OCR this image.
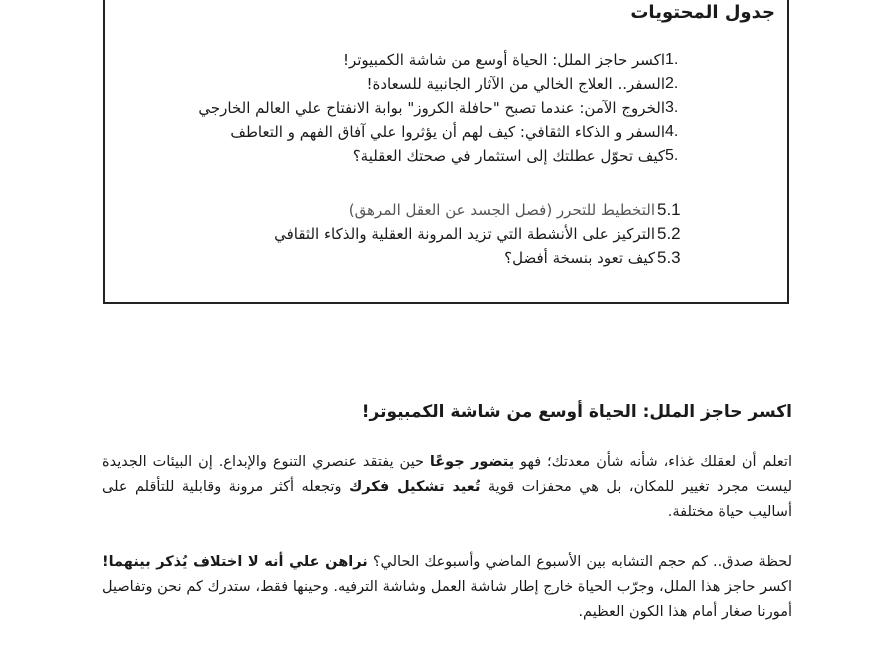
جدول المحتويات
1.
اكسر حاجز الملل: الحياة أوسع من شاشة الكمبيوتر!
2.
السفر.. العلاج الخالي من الآثار الجانبية للسعادة!
3.
الخروج الآمن: عندما تصبح "حافلة الكروز" بوابة الانفتاح علي العالم الخارجي
4.
السفر و الذكاء الثقافي: كيف لهم أن يؤثروا علي آفاق الفهم و التعاطف
5.
كيف تحوّل عطلتك إلى استثمار في صحتك العقلية؟
5.1
التخطيط للتحرر (فصل الجسد عن العقل المرهق)
5.2
التركيز على الأنشطة التي تزيد المرونة العقلية والذكاء الثقافي
5.3
كيف تعود بنسخة أفضل؟
اكسر حاجز الملل: الحياة أوسع من شاشة الكمبيوتر!

اتعلم أن لعقلك غذاء، شأنه شأن معدتك؛ فهو يتضور جوعًا حين يفتقد عنصري التنوع والإبداع. إن البيئات الجديدة ليست مجرد تغيير للمكان، بل هي محفزات قوية تُعيد تشكيل فكرك وتجعله أكثر مرونة وقابلية للتأقلم على أساليب حياة مختلفة.

لحظة صدق.. كم حجم التشابه بين الأسبوع الماضي وأسبوعك الحالي؟ نراهن علي أنه لا اختلاف يُذكر بينهما! اكسر حاجز هذا الملل، وجرّب الحياة خارج إطار شاشة العمل وشاشة الترفيه. وحينها فقط، ستدرك كم نحن وتفاصيل أمورنا صغار أمام هذا الكون العظيم.
